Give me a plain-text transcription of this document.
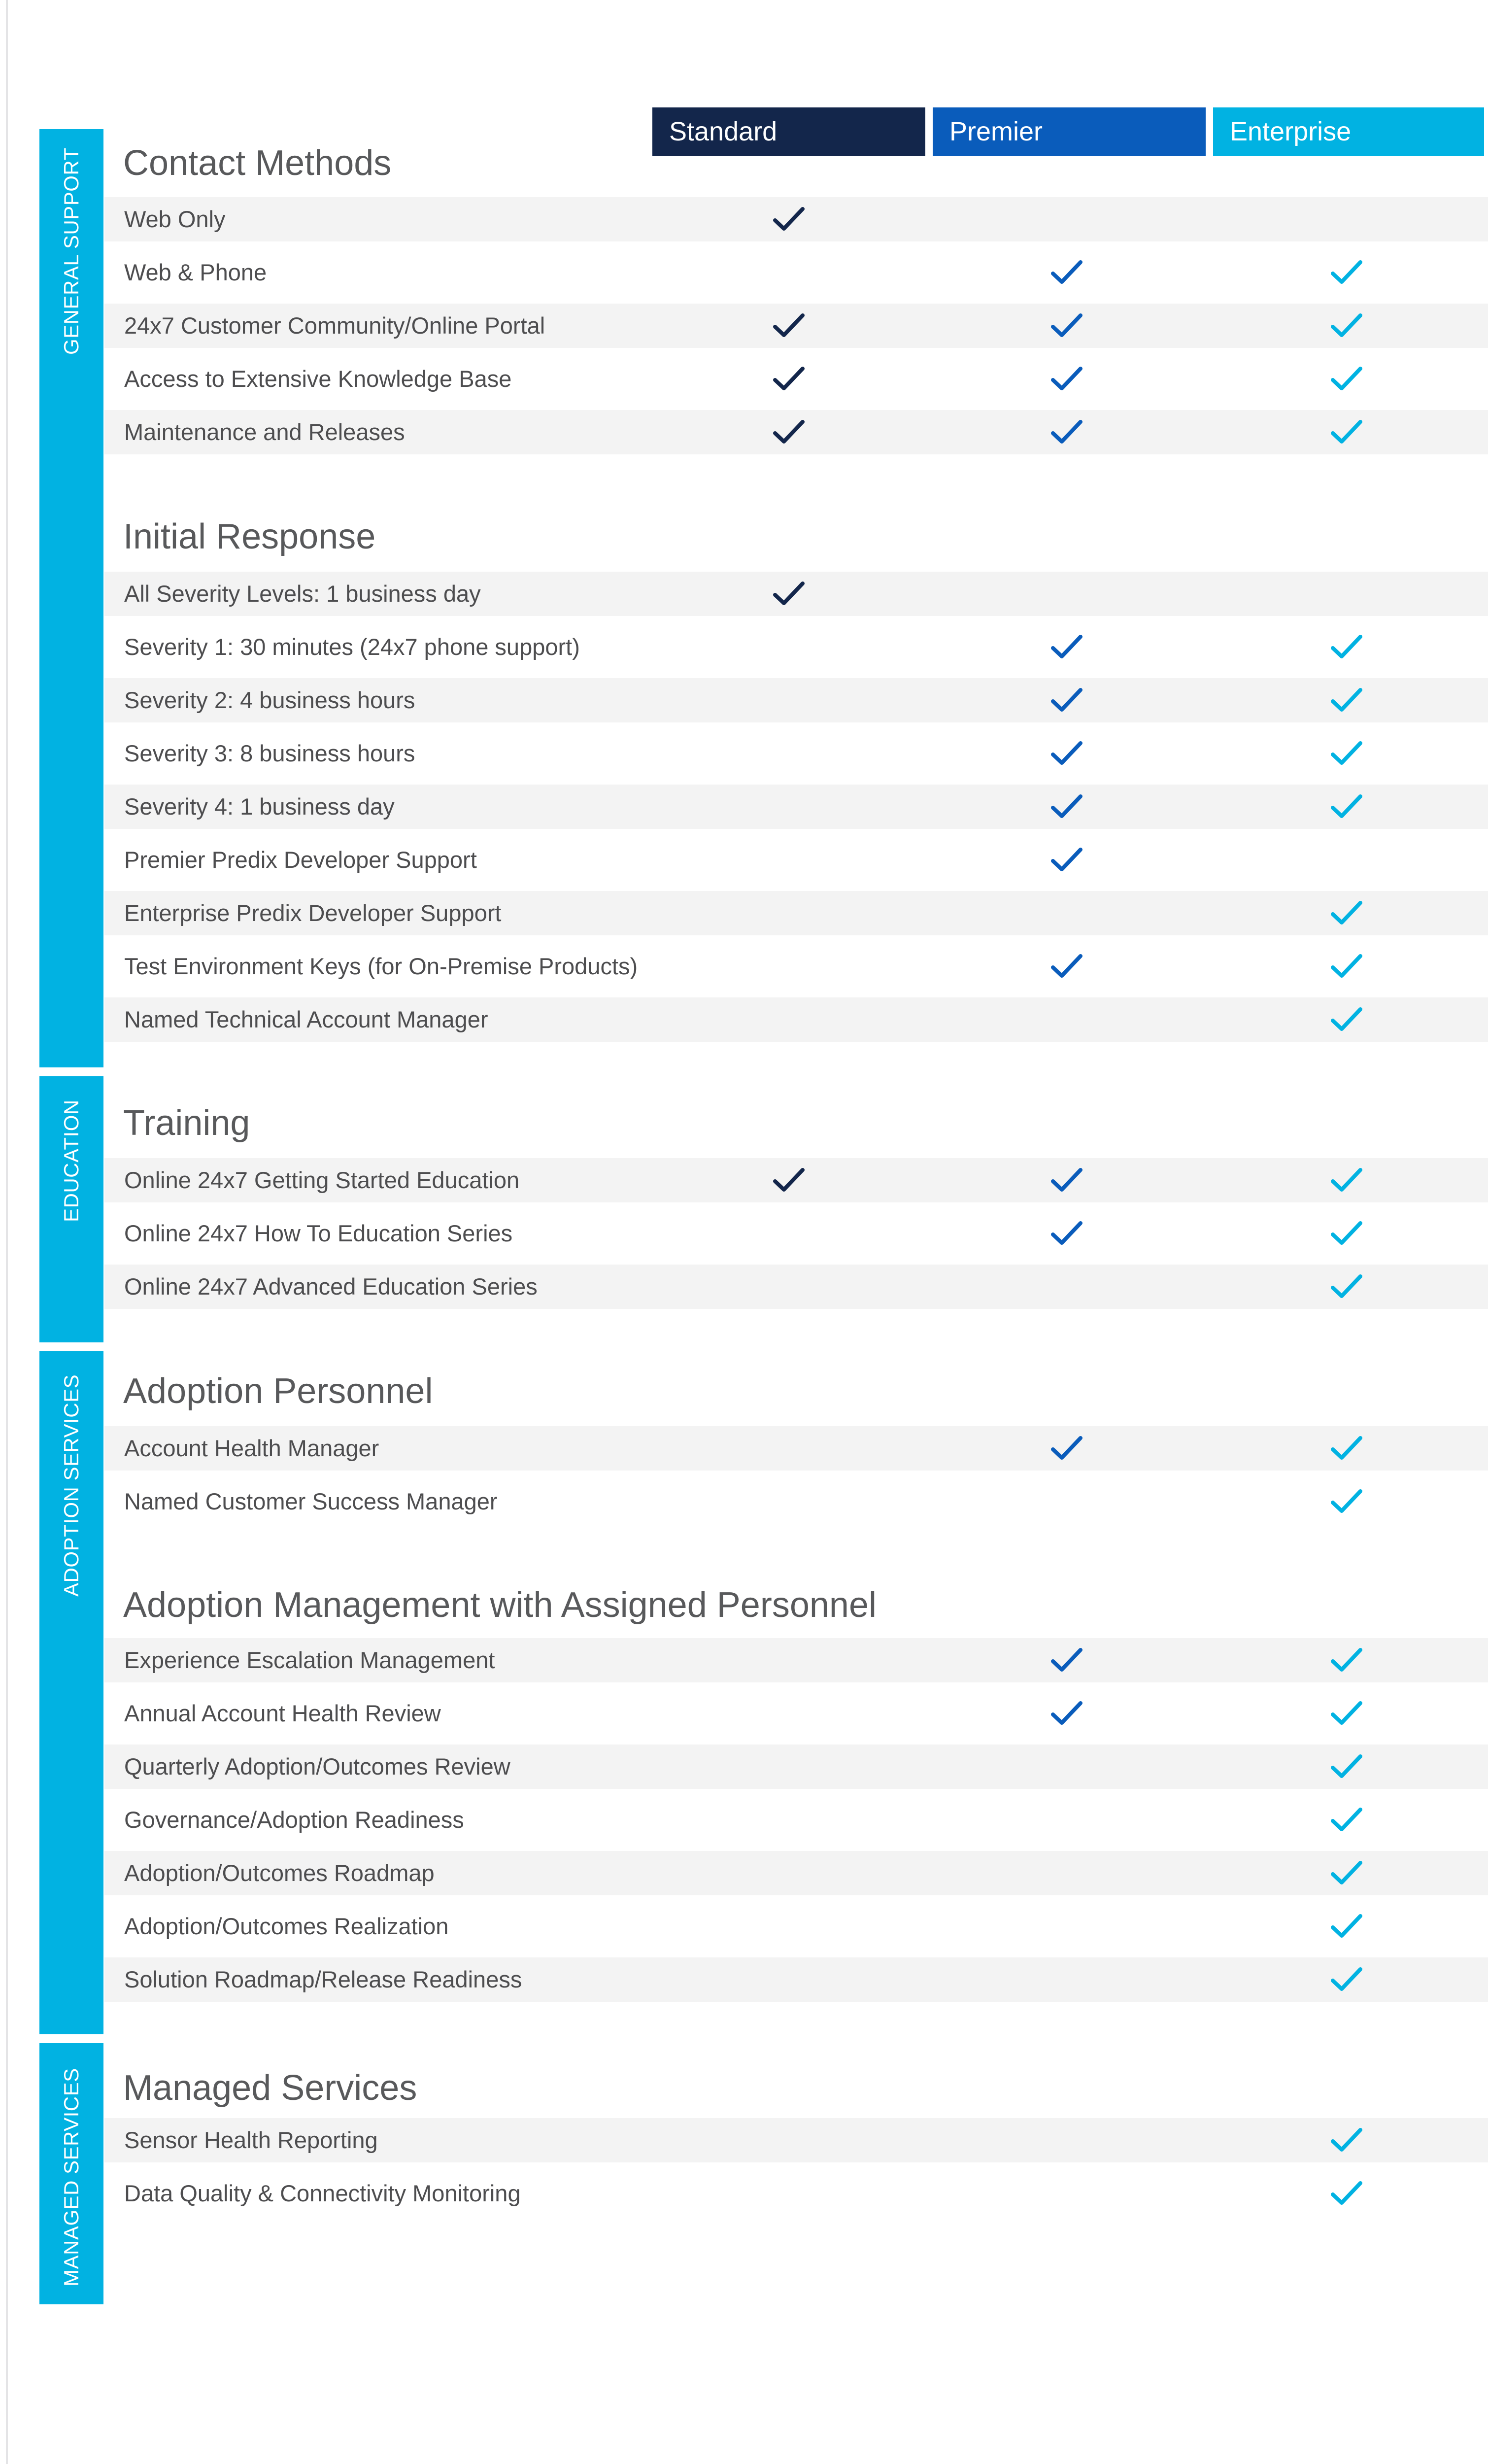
Standard	Premier	Enterprise
GENERAL SUPPORT
EDUCATION
ADOPTION SERVICES
MANAGED SERVICES
Contact Methods
Web Only
Web & Phone
24x7 Customer Community/Online Portal
Access to Extensive Knowledge Base
Maintenance and Releases
Initial Response
All Severity Levels: 1 business day
Severity 1: 30 minutes (24x7 phone support)
Severity 2: 4 business hours
Severity 3: 8 business hours
Severity 4: 1 business day
Premier Predix Developer Support
Enterprise Predix Developer Support
Test Environment Keys (for On-Premise Products)
Named Technical Account Manager
Training
Online 24x7 Getting Started Education
Online 24x7 How To Education Series
Online 24x7 Advanced Education Series
Adoption Personnel
Account Health Manager
Named Customer Success Manager
Adoption Management with Assigned Personnel
Experience Escalation Management
Annual Account Health Review
Quarterly Adoption/Outcomes Review
Governance/Adoption Readiness
Adoption/Outcomes Roadmap
Adoption/Outcomes Realization
Solution Roadmap/Release Readiness
Managed Services
Sensor Health Reporting
Data Quality & Connectivity Monitoring
